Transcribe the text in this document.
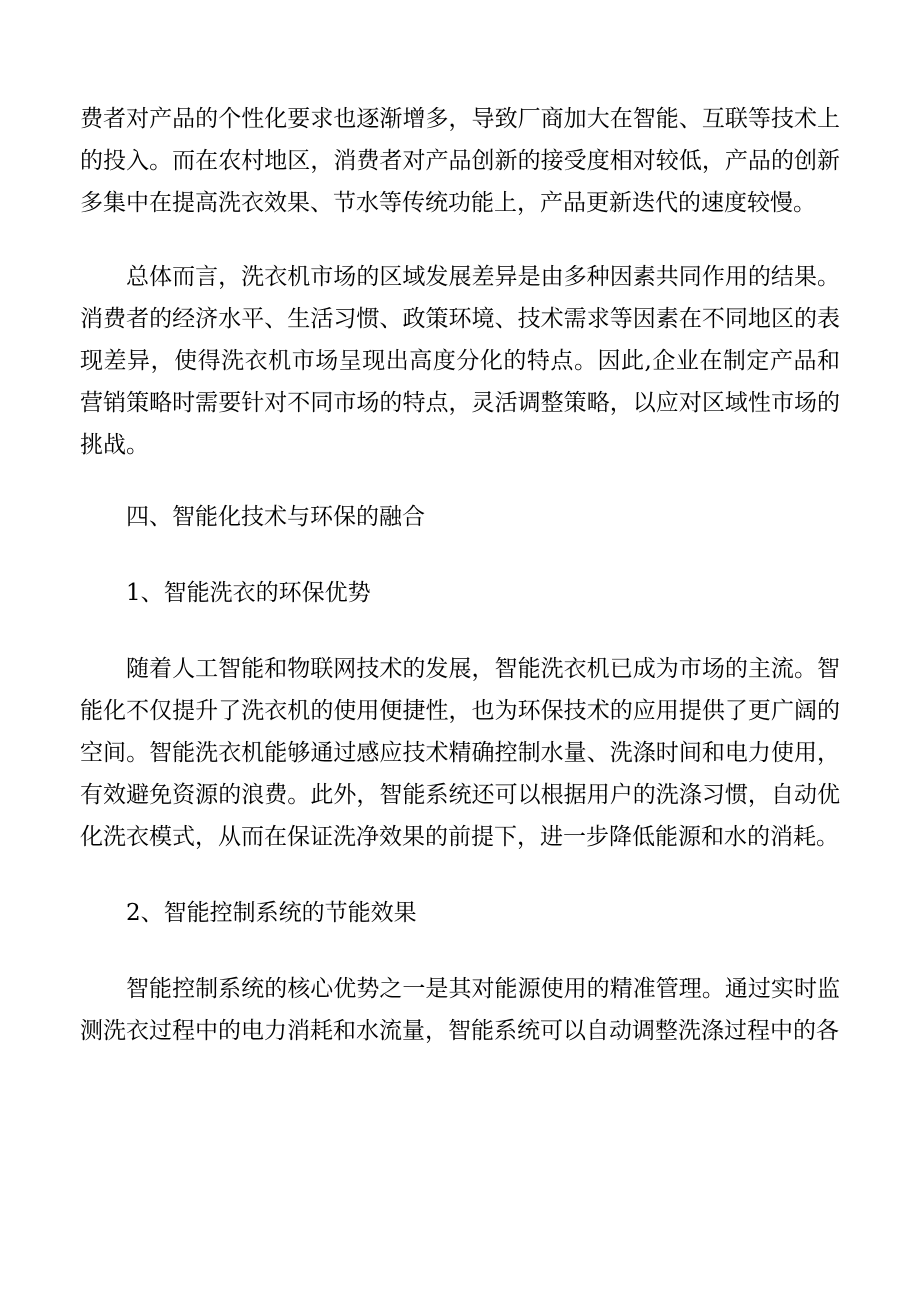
费者对产品的个性化要求也逐渐增多，导致厂商加大在智能、互联等技术上的投入。而在农村地区，消费者对产品创新的接受度相对较低，产品的创新多集中在提高洗衣效果、节水等传统功能上，产品更新迭代的速度较慢。

总体而言，洗衣机市场的区域发展差异是由多种因素共同作用的结果。消费者的经济水平、生活习惯、政策环境、技术需求等因素在不同地区的表现差异，使得洗衣机市场呈现出高度分化的特点。因此,企业在制定产品和营销策略时需要针对不同市场的特点，灵活调整策略，以应对区域性市场的挑战。

四、智能化技术与环保的融合

1、智能洗衣的环保优势

随着人工智能和物联网技术的发展，智能洗衣机已成为市场的主流。智能化不仅提升了洗衣机的使用便捷性，也为环保技术的应用提供了更广阔的空间。智能洗衣机能够通过感应技术精确控制水量、洗涤时间和电力使用，有效避免资源的浪费。此外，智能系统还可以根据用户的洗涤习惯，自动优化洗衣模式，从而在保证洗净效果的前提下，进一步降低能源和水的消耗。

2、智能控制系统的节能效果

智能控制系统的核心优势之一是其对能源使用的精准管理。通过实时监测洗衣过程中的电力消耗和水流量，智能系统可以自动调整洗涤过程中的各
